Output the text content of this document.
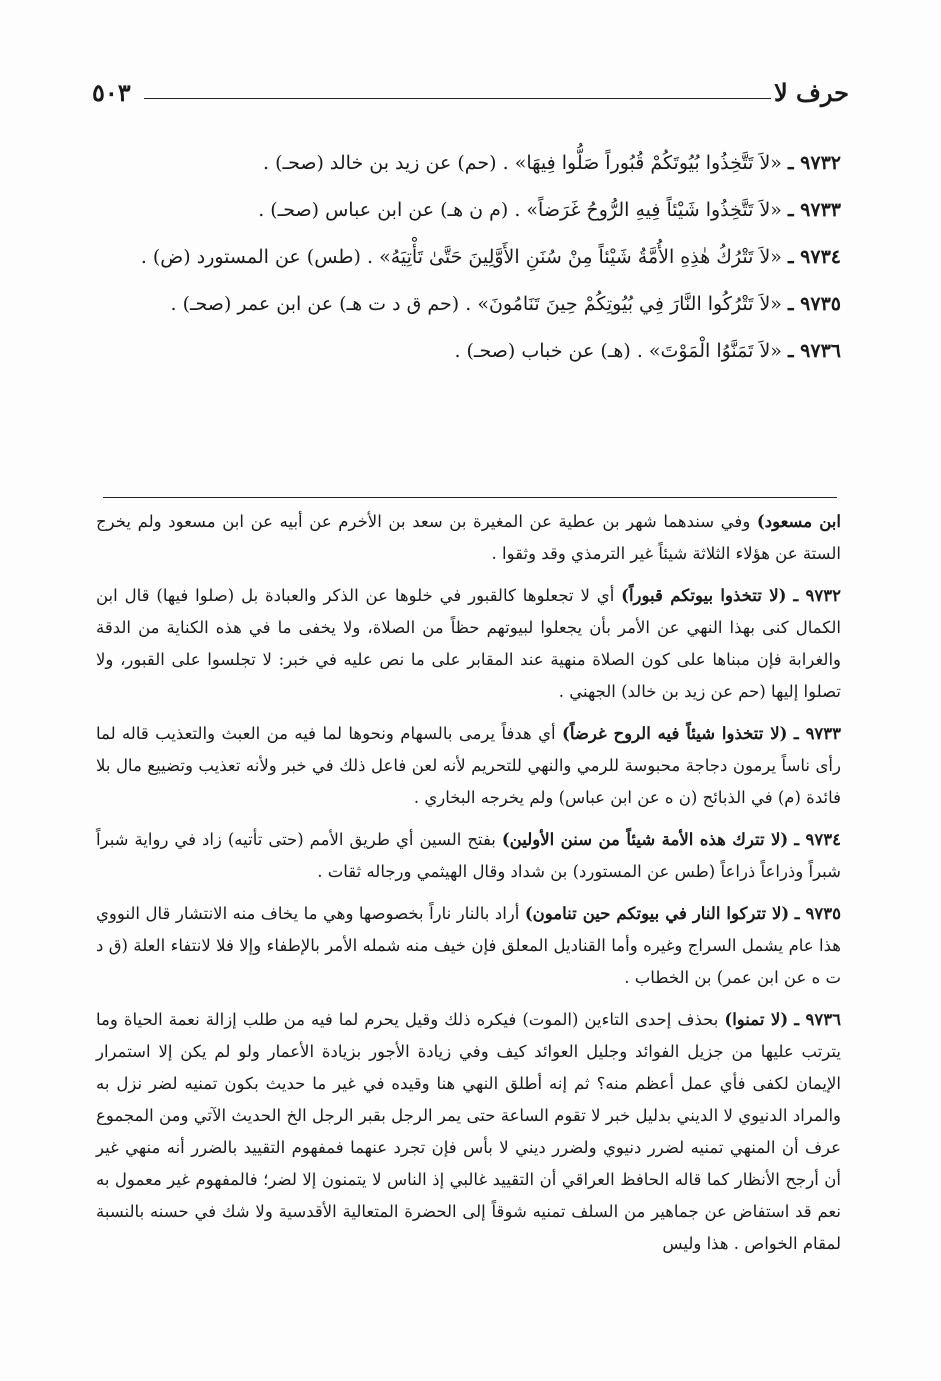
حرف لا
٥٠٣
٩٧٣٢ ـ «لاَ تَتَّخِذُوا بُيُوتَكُمْ قُبُوراً صَلُّوا فِيهَا» . (حم) عن زيد بن خالد (صحـ) .
٩٧٣٣ ـ «لاَ تَتَّخِذُوا شَيْئاً فِيهِ الرُّوحُ غَرَضاً» . (م ن هـ) عن ابن عباس (صحـ) .
٩٧٣٤ ـ «لاَ تَتْرُكُ هٰذِهِ الأُمَّةُ شَيْئاً مِنْ سُنَنِ الأَوَّلِينَ حَتَّىٰ تَأْتِيَهُ» . (طس) عن المستورد (ض) .
٩٧٣٥ ـ «لاَ تَتْرُكُوا النَّارَ فِي بُيُوتِكُمْ حِينَ تَنَامُونَ» . (حم ق د ت هـ) عن ابن عمر (صحـ) .
٩٧٣٦ ـ «لاَ تَمَنَّوُا الْمَوْتَ» . (هـ) عن خباب (صحـ) .

ابن مسعود) وفي سندهما شهر بن عطية عن المغيرة بن سعد بن الأخرم عن أبيه عن ابن مسعود ولم يخرج الستة عن هؤلاء الثلاثة شيئاً غير الترمذي وقد وثقوا .

٩٧٣٢ ـ (لا تتخذوا بيوتكم قبوراً) أي لا تجعلوها كالقبور في خلوها عن الذكر والعبادة بل (صلوا فيها) قال ابن الكمال كنى بهذا النهي عن الأمر بأن يجعلوا لبيوتهم حظاً من الصلاة، ولا يخفى ما في هذه الكناية من الدقة والغرابة فإن مبناها على كون الصلاة منهية عند المقابر على ما نص عليه في خبر: لا تجلسوا على القبور، ولا تصلوا إليها (حم عن زيد بن خالد) الجهني .

٩٧٣٣ ـ (لا تتخذوا شيئاً فيه الروح غرضاً) أي هدفاً يرمى بالسهام ونحوها لما فيه من العبث والتعذيب قاله لما رأى ناساً يرمون دجاجة محبوسة للرمي والنهي للتحريم لأنه لعن فاعل ذلك في خبر ولأنه تعذيب وتضييع مال بلا فائدة (م) في الذبائح (ن ه عن ابن عباس) ولم يخرجه البخاري .

٩٧٣٤ ـ (لا تترك هذه الأمة شيئاً من سنن الأولين) بفتح السين أي طريق الأمم (حتى تأتيه) زاد في رواية شبراً شبراً وذراعاً ذراعاً (طس عن المستورد) بن شداد وقال الهيثمي ورجاله ثقات .

٩٧٣٥ ـ (لا تتركوا النار في بيوتكم حين تنامون) أراد بالنار ناراً بخصوصها وهي ما يخاف منه الانتشار قال النووي هذا عام يشمل السراج وغيره وأما القناديل المعلق فإن خيف منه شمله الأمر بالإطفاء وإلا فلا لانتفاء العلة (ق د ت ه عن ابن عمر) بن الخطاب .

٩٧٣٦ ـ (لا تمنوا) بحذف إحدى التاءين (الموت) فيكره ذلك وقيل يحرم لما فيه من طلب إزالة نعمة الحياة وما يترتب عليها من جزيل الفوائد وجليل العوائد كيف وفي زيادة الأجور بزيادة الأعمار ولو لم يكن إلا استمرار الإيمان لكفى فأي عمل أعظم منه؟ ثم إنه أطلق النهي هنا وقيده في غير ما حديث بكون تمنيه لضر نزل به والمراد الدنيوي لا الديني بدليل خبر لا تقوم الساعة حتى يمر الرجل بقبر الرجل الخ الحديث الآتي ومن المجموع عرف أن المنهي تمنيه لضرر دنيوي ولضرر ديني لا بأس فإن تجرد عنهما فمفهوم التقييد بالضرر أنه منهي غير أن أرجح الأنظار كما قاله الحافظ العراقي أن التقييد غالبي إذ الناس لا يتمنون إلا لضر؛ فالمفهوم غير معمول به نعم قد استفاض عن جماهير من السلف تمنيه شوقاً إلى الحضرة المتعالية الأقدسية ولا شك في حسنه بالنسبة لمقام الخواص . هذا وليس
